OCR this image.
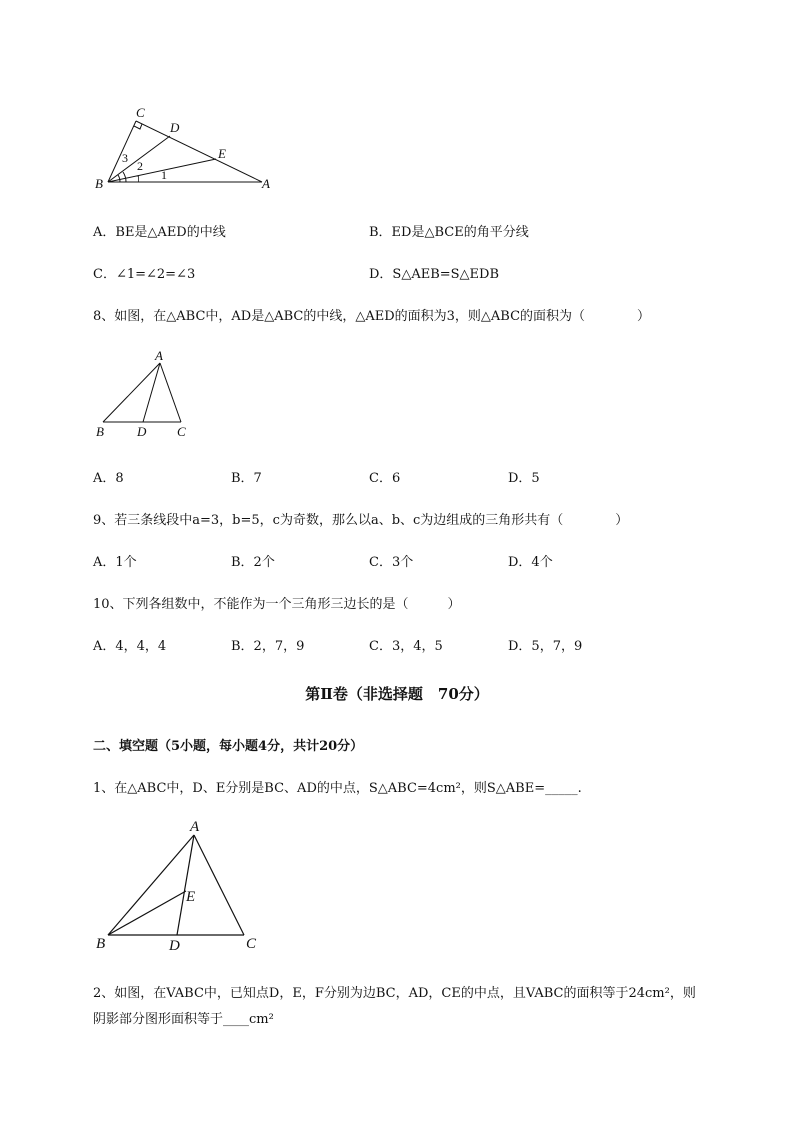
C
D
E
B	A
3
2
1 1
A．BE是△AED的中线	B．ED是△BCE的角平分线
C．∠1=∠2=∠3	D．S△AEB=S△EDB
8、如图，在△ABC中，AD是△ABC的中线，△AED的面积为3，则△ABC的面积为（　　　　）
A
B	D C
A．8	B．7	C．6	D．5
9、若三条线段中a=3，b=5，c为奇数，那么以a、b、c为边组成的三角形共有（　　　　）
A．1个	B．2个	C．3个	D．4个
10、下列各组数中，不能作为一个三角形三边长的是（　　　）
A．4，4，4	B．2，7，9	C．3，4，5	D．5，7，9
第Ⅱ卷（非选择题　70分）
二、填空题（5小题，每小题4分，共计20分）
1、在△ABC中，D、E分别是BC、AD的中点，S△ABC=4cm²，则S△ABE=_____.
A
E
B	D	C
2、如图，在VABC中，已知点D，E，F分别为边BC，AD，CE的中点，且VABC的面积等于24cm²，则
阴影部分图形面积等于____cm²
